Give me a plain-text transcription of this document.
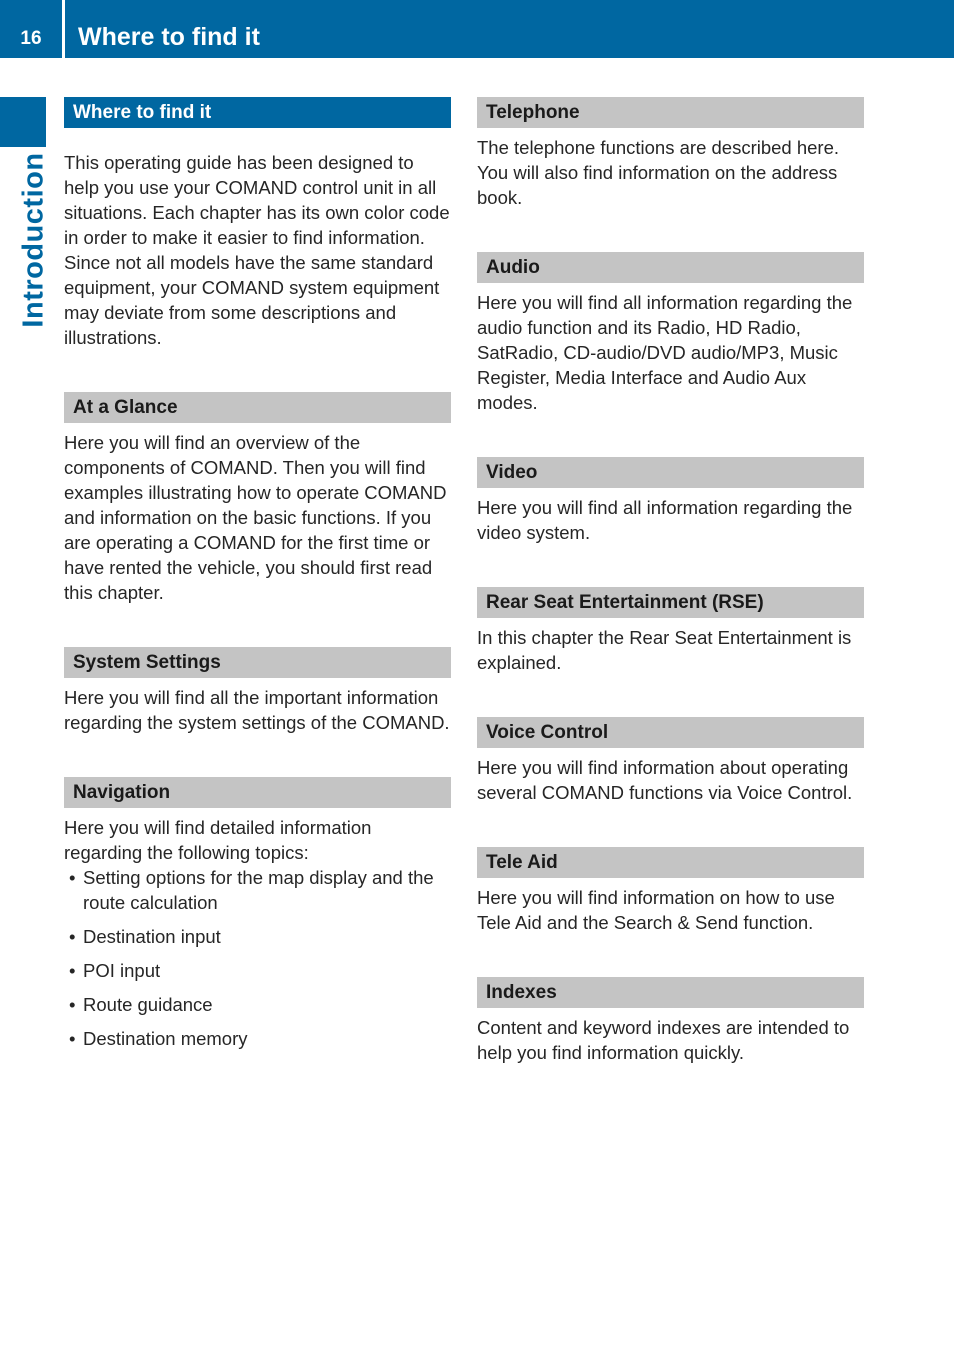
16	Where to find it
Introduction
Where to find it
This operating guide has been designed to help you use your COMAND control unit in all situations. Each chapter has its own color code in order to make it easier to find information. Since not all models have the same standard equipment, your COMAND system equipment may deviate from some descriptions and illustrations.
At a Glance
Here you will find an overview of the components of COMAND. Then you will find examples illustrating how to operate COMAND and information on the basic functions. If you are operating a COMAND for the first time or have rented the vehicle, you should first read this chapter.
System Settings
Here you will find all the important information regarding the system settings of the COMAND.
Navigation
Here you will find detailed information regarding the following topics:
• Setting options for the map display and the route calculation
• Destination input
• POI input
• Route guidance
• Destination memory
Telephone
The telephone functions are described here. You will also find information on the address book.
Audio
Here you will find all information regarding the audio function and its Radio, HD Radio, SatRadio, CD-audio/DVD audio/MP3, Music Register, Media Interface and Audio Aux modes.
Video
Here you will find all information regarding the video system.
Rear Seat Entertainment (RSE)
In this chapter the Rear Seat Entertainment is explained.
Voice Control
Here you will find information about operating several COMAND functions via Voice Control.
Tele Aid
Here you will find information on how to use Tele Aid and the Search & Send function.
Indexes
Content and keyword indexes are intended to help you find information quickly.
